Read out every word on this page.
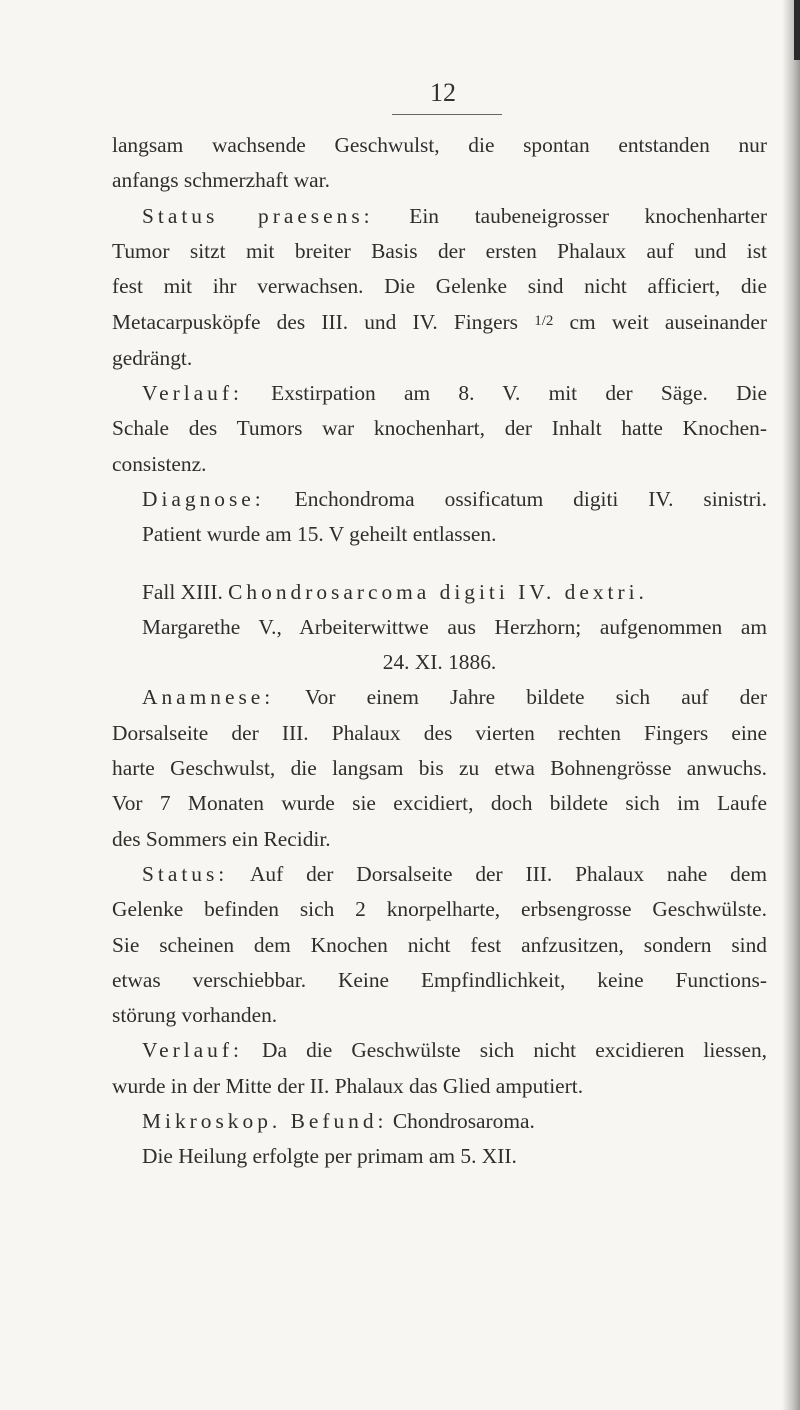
12
langsam wachsende Geschwulst, die spontan entstanden nur
anfangs schmerzhaft war.
Status praesens: Ein taubeneigrosser knochenharter
Tumor sitzt mit breiter Basis der ersten Phalaux auf und ist
fest mit ihr verwachsen. Die Gelenke sind nicht afficiert, die
Metacarpusköpfe des III. und IV. Fingers 1/2 cm weit auseinander
gedrängt.
Verlauf: Exstirpation am 8. V. mit der Säge. Die
Schale des Tumors war knochenhart, der Inhalt hatte Knochen-
consistenz.
Diagnose: Enchondroma ossificatum digiti IV. sinistri.
Patient wurde am 15. V geheilt entlassen.
Fall XIII. Chondrosarcoma digiti IV. dextri.
Margarethe V., Arbeiterwittwe aus Herzhorn; aufgenommen am
24. XI. 1886.
Anamnese: Vor einem Jahre bildete sich auf der
Dorsalseite der III. Phalaux des vierten rechten Fingers eine
harte Geschwulst, die langsam bis zu etwa Bohnengrösse anwuchs.
Vor 7 Monaten wurde sie excidiert, doch bildete sich im Laufe
des Sommers ein Recidir.
Status: Auf der Dorsalseite der III. Phalaux nahe dem
Gelenke befinden sich 2 knorpelharte, erbsengrosse Geschwülste.
Sie scheinen dem Knochen nicht fest anfzusitzen, sondern sind
etwas verschiebbar. Keine Empfindlichkeit, keine Functions-
störung vorhanden.
Verlauf: Da die Geschwülste sich nicht excidieren liessen,
wurde in der Mitte der II. Phalaux das Glied amputiert.
Mikroskop. Befund: Chondrosaroma.
Die Heilung erfolgte per primam am 5. XII.
